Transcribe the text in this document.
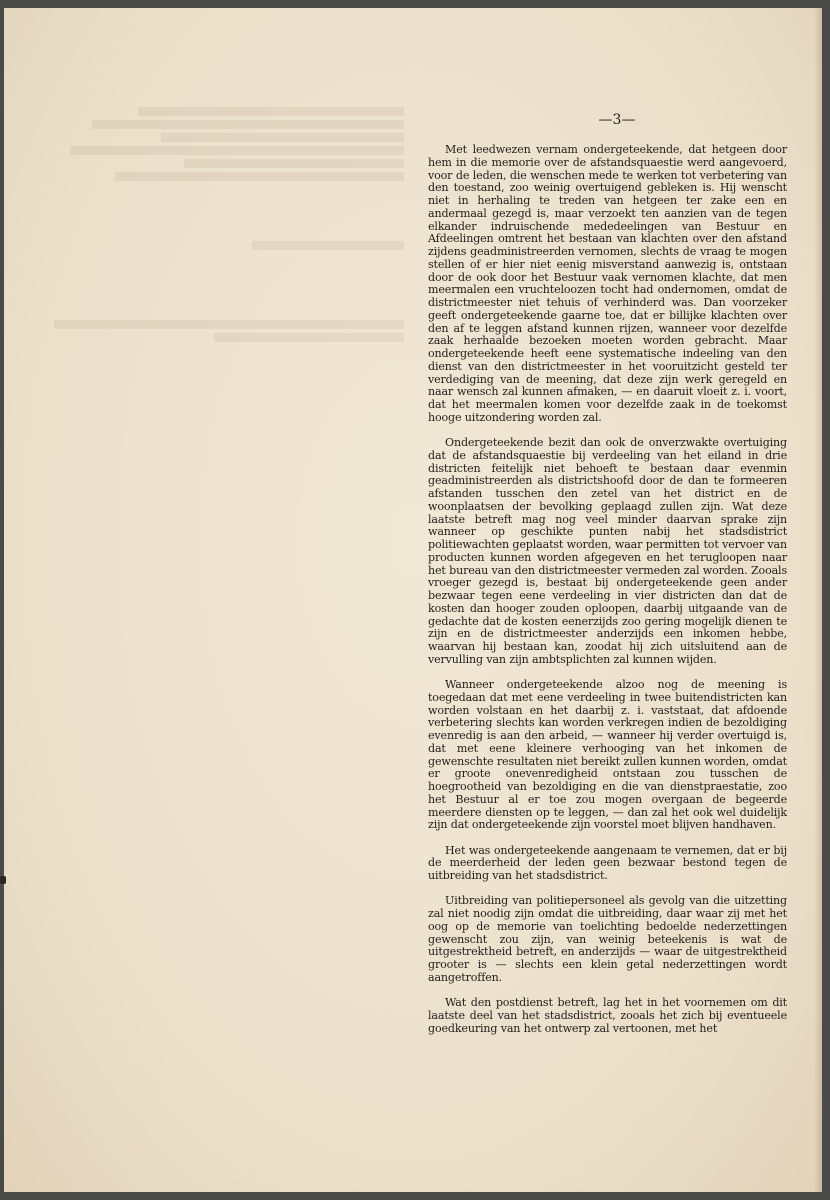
—3—

Met leedwezen vernam ondergeteekende, dat hetgeen door hem in die memorie over de afstandsquaestie werd aangevoerd, voor de leden, die wenschen mede te werken tot verbetering van den toestand, zoo weinig overtuigend gebleken is. Hij wenscht niet in herhaling te treden van hetgeen ter zake een en andermaal gezegd is, maar verzoekt ten aanzien van de tegen elkander indruischende mededeelingen van Bestuur en Afdeelingen omtrent het bestaan van klachten over den afstand zijdens geadministreerden vernomen, slechts de vraag te mogen stellen of er hier niet eenig misverstand aanwezig is, ontstaan door de ook door het Bestuur vaak vernomen klachte, dat men meermalen een vruchteloozen tocht had ondernomen, omdat de districtmeester niet tehuis of verhinderd was. Dan voorzeker geeft ondergeteekende gaarne toe, dat er billijke klachten over den af te leggen afstand kunnen rijzen, wanneer voor dezelfde zaak herhaalde bezoeken moeten worden gebracht. Maar ondergeteekende heeft eene systematische indeeling van den dienst van den districtmeester in het vooruitzicht gesteld ter verdediging van de meening, dat deze zijn werk geregeld en naar wensch zal kunnen afmaken, — en daaruit vloeit z. i. voort, dat het meermalen komen voor dezelfde zaak in de toekomst hooge uitzondering worden zal.

Ondergeteekende bezit dan ook de onverzwakte overtuiging dat de afstandsquaestie bij verdeeling van het eiland in drie districten feitelijk niet behoeft te bestaan daar evenmin geadministreerden als districtshoofd door de dan te formeeren afstanden tusschen den zetel van het district en de woonplaatsen der bevolking geplaagd zullen zijn. Wat deze laatste betreft mag nog veel minder daarvan sprake zijn wanneer op geschikte punten nabij het stadsdistrict politiewachten geplaatst worden, waar permitten tot vervoer van producten kunnen worden afgegeven en het terugloopen naar het bureau van den districtmeester vermeden zal worden. Zooals vroeger gezegd is, bestaat bij ondergeteekende geen ander bezwaar tegen eene verdeeling in vier districten dan dat de kosten dan hooger zouden oploopen, daarbij uitgaande van de gedachte dat de kosten eenerzijds zoo gering mogelijk dienen te zijn en de districtmeester anderzijds een inkomen hebbe, waarvan hij bestaan kan, zoodat hij zich uitsluitend aan de vervulling van zijn ambtsplichten zal kunnen wijden.

Wanneer ondergeteekende alzoo nog de meening is toegedaan dat met eene verdeeling in twee buitendistricten kan worden volstaan en het daarbij z. i. vaststaat, dat afdoende verbetering slechts kan worden verkregen indien de bezoldiging evenredig is aan den arbeid, — wanneer hij verder overtuigd is, dat met eene kleinere verhooging van het inkomen de gewenschte resultaten niet bereikt zullen kunnen worden, omdat er groote onevenredigheid ontstaan zou tusschen de hoegrootheid van bezoldiging en die van dienstpraestatie, zoo het Bestuur al er toe zou mogen overgaan de begeerde meerdere diensten op te leggen, — dan zal het ook wel duidelijk zijn dat ondergeteekende zijn voorstel moet blijven handhaven.

Het was ondergeteekende aangenaam te vernemen, dat er bij de meerderheid der leden geen bezwaar bestond tegen de uitbreiding van het stadsdistrict.

Uitbreiding van politiepersoneel als gevolg van die uitzetting zal niet noodig zijn omdat die uitbreiding, daar waar zij met het oog op de memorie van toelichting bedoelde nederzettingen gewenscht zou zijn, van weinig beteekenis is wat de uitgestrektheid betreft, en anderzijds — waar de uitgestrektheid grooter is — slechts een klein getal nederzettingen wordt aangetroffen.

Wat den postdienst betreft, lag het in het voornemen om dit laatste deel van het stadsdistrict, zooals het zich bij eventueele goedkeuring van het ontwerp zal vertoonen, met het
